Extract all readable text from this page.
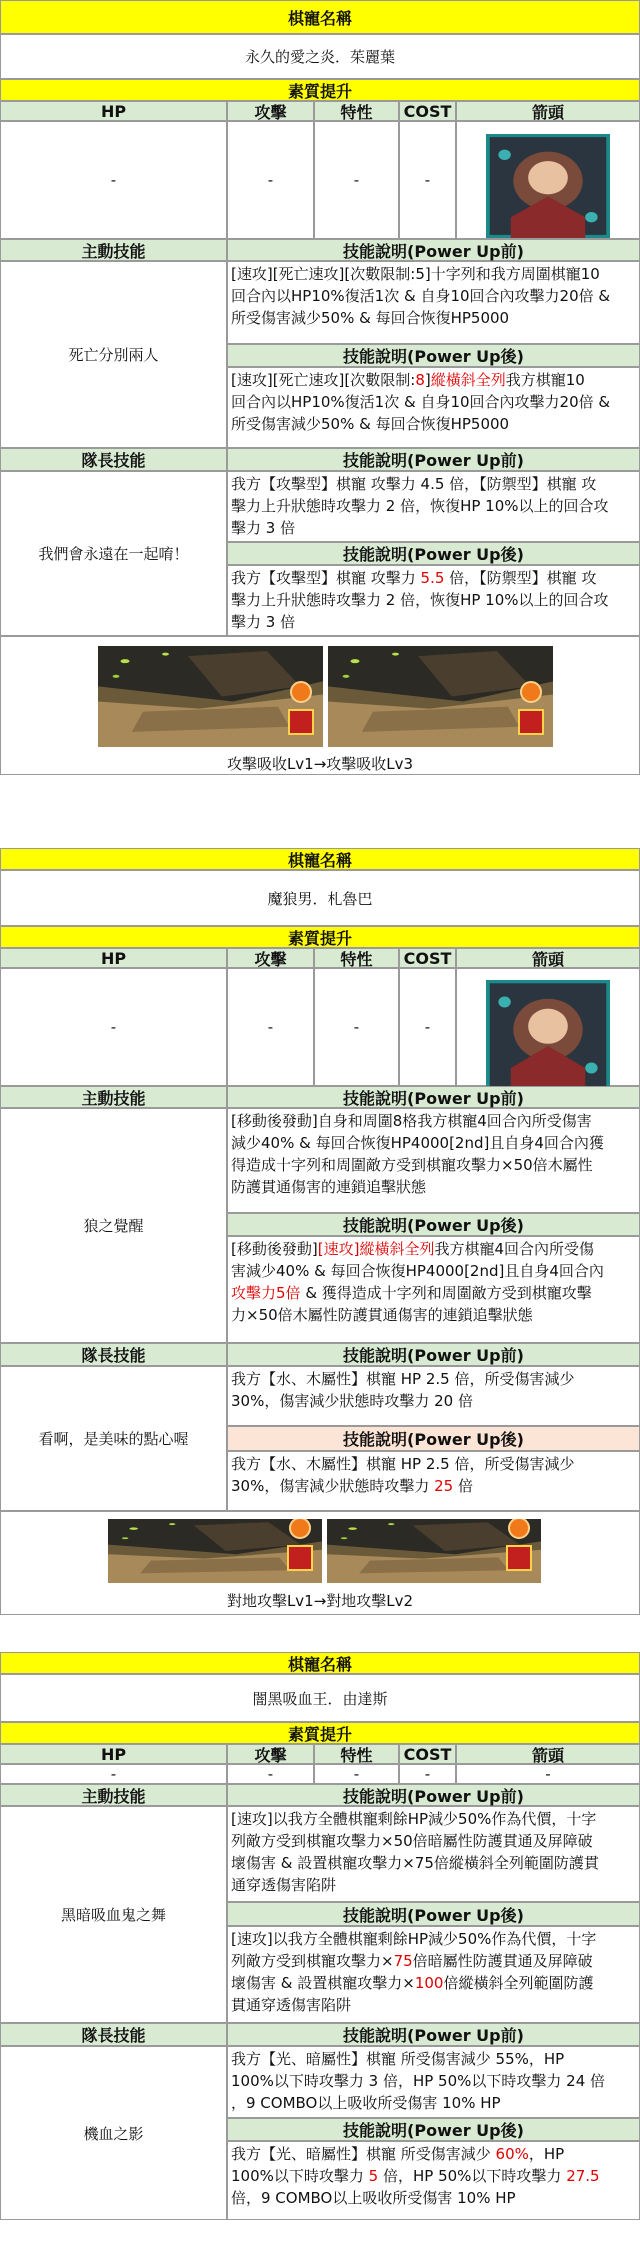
棋寵名稱
永久的愛之炎．茱麗葉
素質提升
HP	攻擊	特性	COST	箭頭
-	-	-	-
主動技能	技能說明(Power Up前)
死亡分別兩人
[速攻][死亡速攻][次數限制:5]十字列和我方周圍棋寵10
回合內以HP10%復活1次 & 自身10回合內攻擊力20倍 &
所受傷害減少50% & 每回合恢復HP5000
技能說明(Power Up後)
[速攻][死亡速攻][次數限制:8]縱橫斜全列我方棋寵10
回合內以HP10%復活1次 & 自身10回合內攻擊力20倍 &
所受傷害減少50% & 每回合恢復HP5000
隊長技能	技能說明(Power Up前)
我們會永遠在一起唷！
我方【攻擊型】棋寵 攻擊力 4.5 倍，【防禦型】棋寵 攻
擊力上升狀態時攻擊力 2 倍，恢復HP 10%以上的回合攻
擊力 3 倍
技能說明(Power Up後)
我方【攻擊型】棋寵 攻擊力 5.5 倍，【防禦型】棋寵 攻
擊力上升狀態時攻擊力 2 倍，恢復HP 10%以上的回合攻
擊力 3 倍
攻擊吸收Lv1→攻擊吸收Lv3
棋寵名稱
魔狼男．札魯巴
素質提升
HP	攻擊	特性	COST	箭頭
-	-	-	-
主動技能	技能說明(Power Up前)
狼之覺醒
[移動後發動]自身和周圍8格我方棋寵4回合內所受傷害
減少40% & 每回合恢復HP4000[2nd]且自身4回合內獲
得造成十字列和周圍敵方受到棋寵攻擊力×50倍木屬性
防護貫通傷害的連鎖追擊狀態
技能說明(Power Up後)
[移動後發動][速攻]縱橫斜全列我方棋寵4回合內所受傷
害減少40% & 每回合恢復HP4000[2nd]且自身4回合內
攻擊力5倍 & 獲得造成十字列和周圍敵方受到棋寵攻擊
力×50倍木屬性防護貫通傷害的連鎖追擊狀態
隊長技能	技能說明(Power Up前)
看啊，是美味的點心喔
我方【水、木屬性】棋寵 HP 2.5 倍，所受傷害減少
30%，傷害減少狀態時攻擊力 20 倍
技能說明(Power Up後)
我方【水、木屬性】棋寵 HP 2.5 倍，所受傷害減少
30%，傷害減少狀態時攻擊力 25 倍
對地攻擊Lv1→對地攻擊Lv2
棋寵名稱
闇黑吸血王．由達斯
素質提升
HP	攻擊	特性	COST	箭頭
-	-	-	-	-
主動技能	技能說明(Power Up前)
黑暗吸血鬼之舞
[速攻]以我方全體棋寵剩餘HP減少50%作為代價，十字
列敵方受到棋寵攻擊力×50倍暗屬性防護貫通及屏障破
壞傷害 & 設置棋寵攻擊力×75倍縱橫斜全列範圍防護貫
通穿透傷害陷阱
技能說明(Power Up後)
[速攻]以我方全體棋寵剩餘HP減少50%作為代價，十字
列敵方受到棋寵攻擊力×75倍暗屬性防護貫通及屏障破
壞傷害 & 設置棋寵攻擊力×100倍縱橫斜全列範圍防護
貫通穿透傷害陷阱
隊長技能	技能說明(Power Up前)
機血之影
我方【光、暗屬性】棋寵 所受傷害減少 55%，HP
100%以下時攻擊力 3 倍，HP 50%以下時攻擊力 24 倍
，9 COMBO以上吸收所受傷害 10% HP
技能說明(Power Up後)
我方【光、暗屬性】棋寵 所受傷害減少 60%，HP
100%以下時攻擊力 5 倍，HP 50%以下時攻擊力 27.5
倍，9 COMBO以上吸收所受傷害 10% HP
